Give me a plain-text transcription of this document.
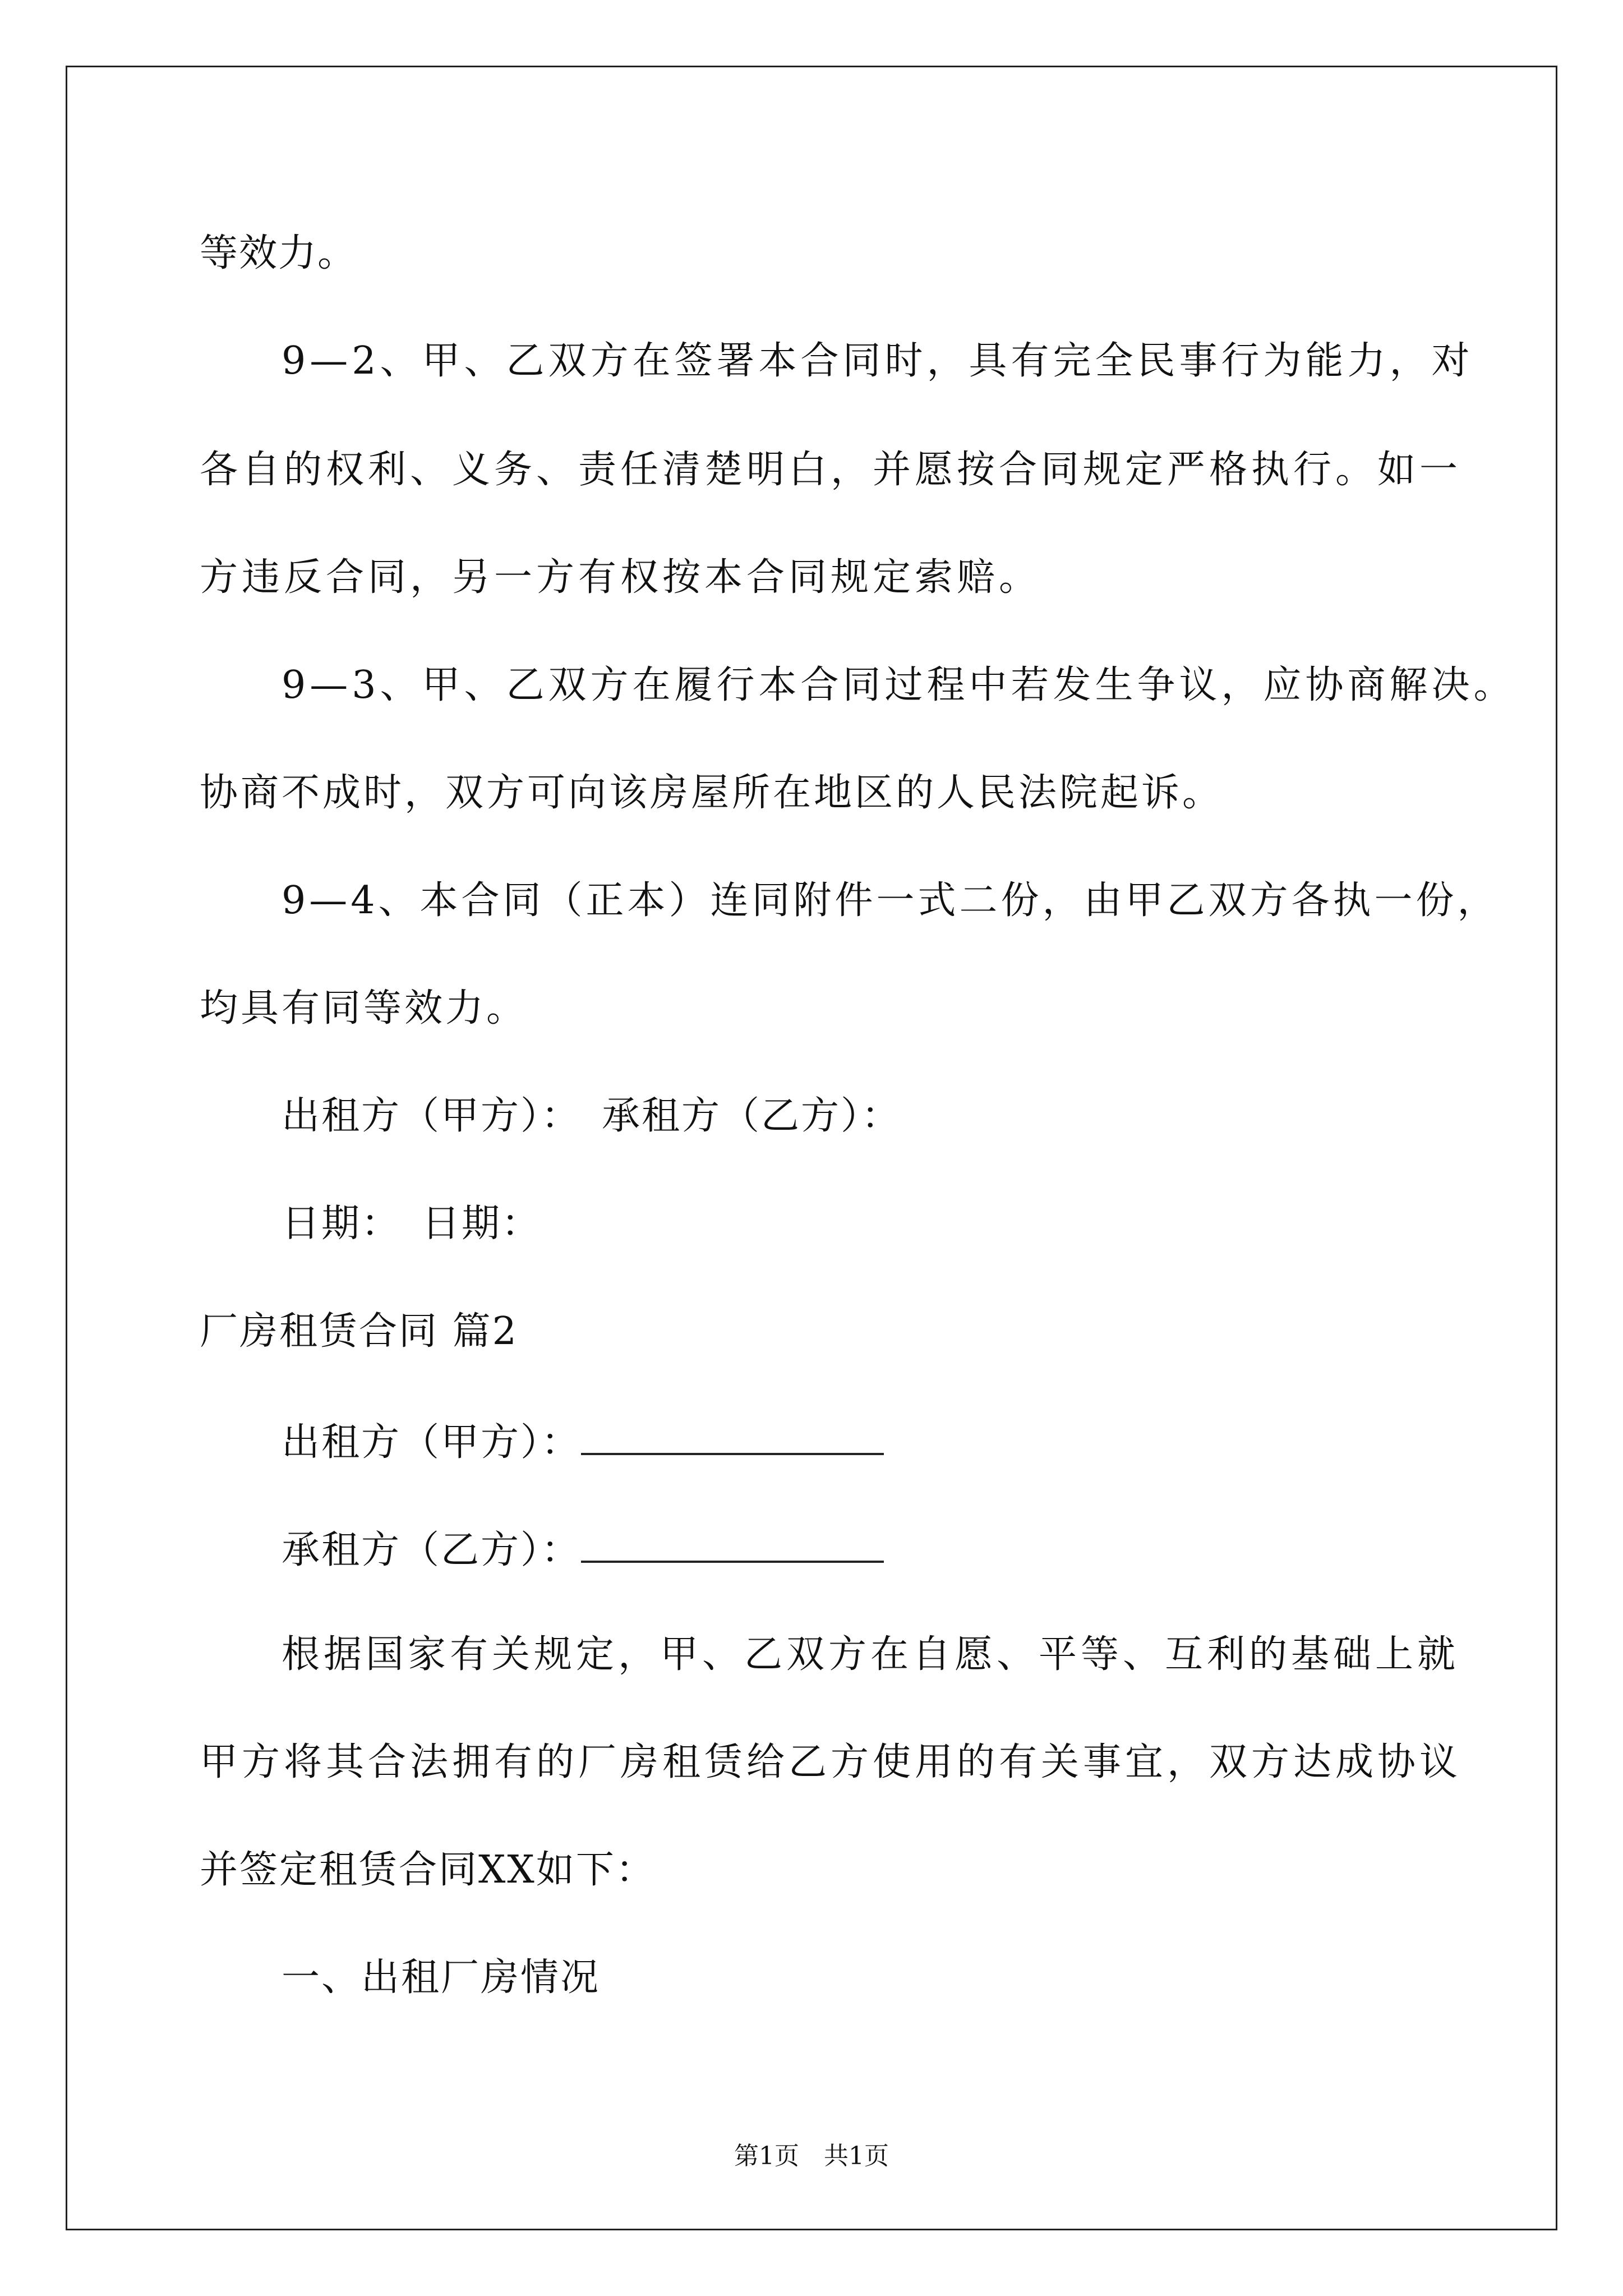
等效力。
9—2、甲、乙双方在签署本合同时，具有完全民事行为能力，对
各自的权利、义务、责任清楚明白，并愿按合同规定严格执行。如一
方违反合同，另一方有权按本合同规定索赔。
9—3、甲、乙双方在履行本合同过程中若发生争议，应协商解决。
协商不成时，双方可向该房屋所在地区的人民法院起诉。
9—4、本合同（正本）连同附件一式二份，由甲乙双方各执一份，
均具有同等效力。
出租方（甲方）：　承租方（乙方）：
日期：　日期：
厂房租赁合同 篇2
出租方（甲方）：
承租方（乙方）：
根据国家有关规定，甲、乙双方在自愿、平等、互利的基础上就
甲方将其合法拥有的厂房租赁给乙方使用的有关事宜，双方达成协议
并签定租赁合同XX如下：
一、出租厂房情况
第1页　共1页
